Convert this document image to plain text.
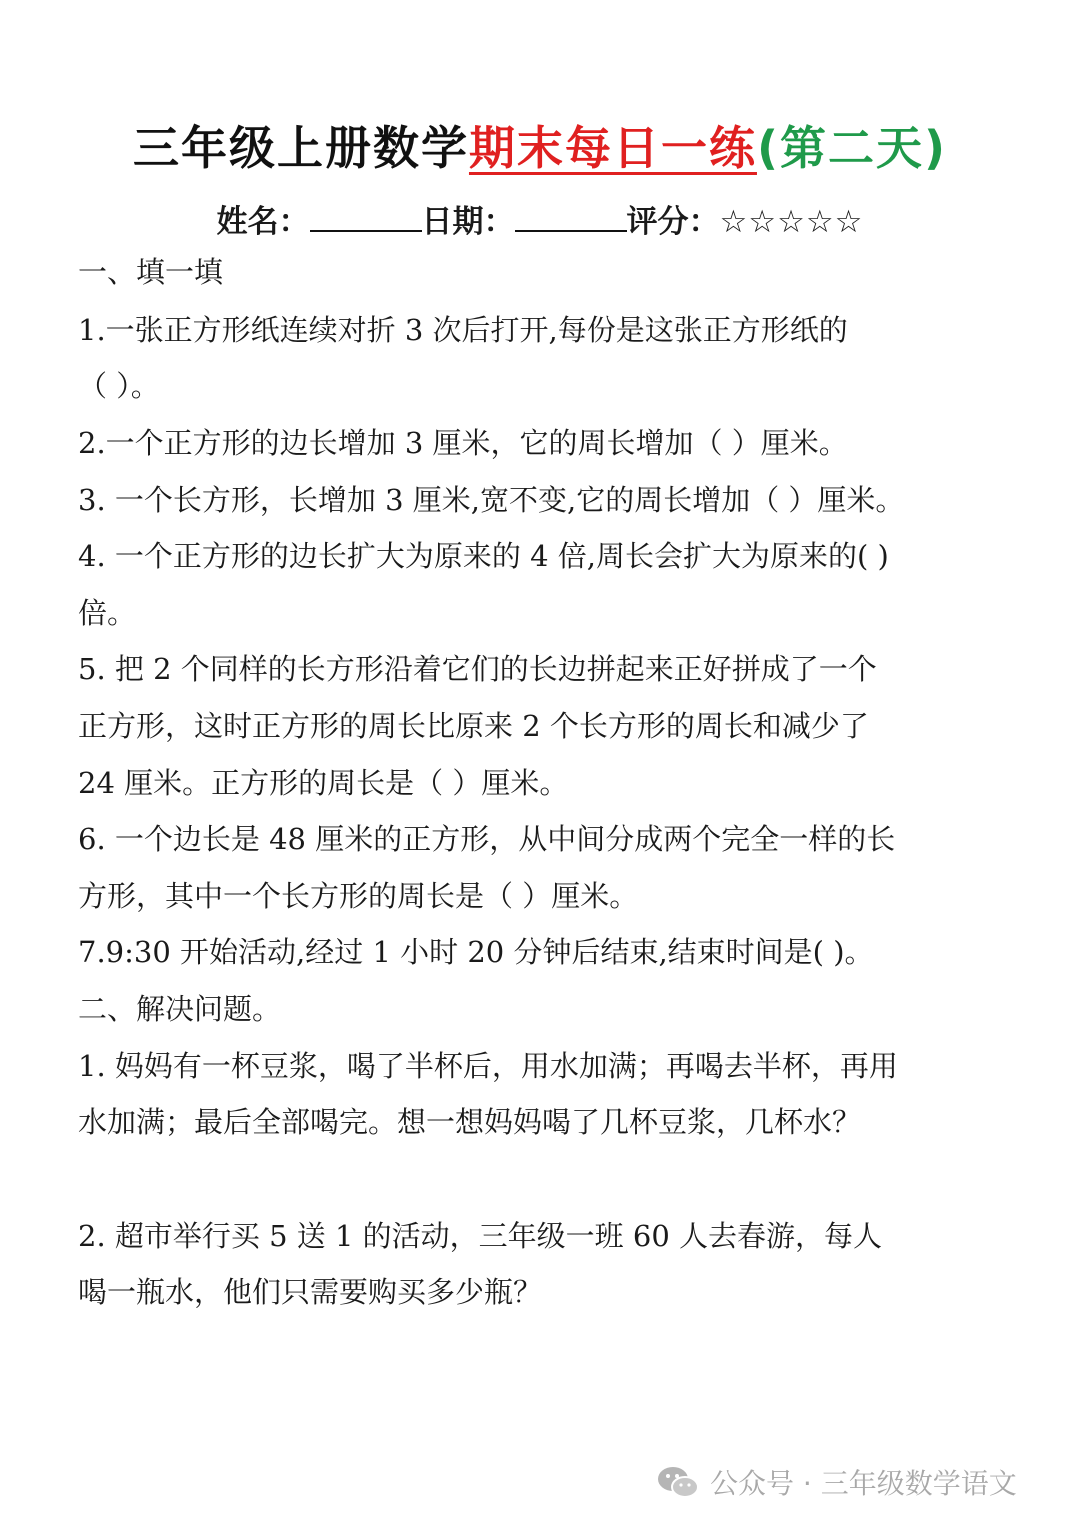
三年级上册数学期末每日一练(第二天)
姓名：	日期：	评分：☆☆☆☆☆
一、填一填
1.一张正方形纸连续对折 3 次后打开,每份是这张正方形纸的
（ ）。
2.一个正方形的边长增加 3 厘米，它的周长增加（ ）厘米。
3. 一个长方形，长增加 3 厘米,宽不变,它的周长增加（ ）厘米。
4. 一个正方形的边长扩大为原来的 4 倍,周长会扩大为原来的( )
倍。
5. 把 2 个同样的长方形沿着它们的长边拼起来正好拼成了一个
正方形，这时正方形的周长比原来 2 个长方形的周长和减少了
24 厘米。正方形的周长是（ ）厘米。
6. 一个边长是 48 厘米的正方形，从中间分成两个完全一样的长
方形，其中一个长方形的周长是（ ）厘米。
7.9:30 开始活动,经过 1 小时 20 分钟后结束,结束时间是( )。
二、解决问题。
1. 妈妈有一杯豆浆，喝了半杯后，用水加满；再喝去半杯，再用
水加满；最后全部喝完。想一想妈妈喝了几杯豆浆，几杯水？
2. 超市举行买 5 送 1 的活动，三年级一班 60 人去春游，每人
喝一瓶水，他们只需要购买多少瓶？
公众号 · 三年级数学语文
